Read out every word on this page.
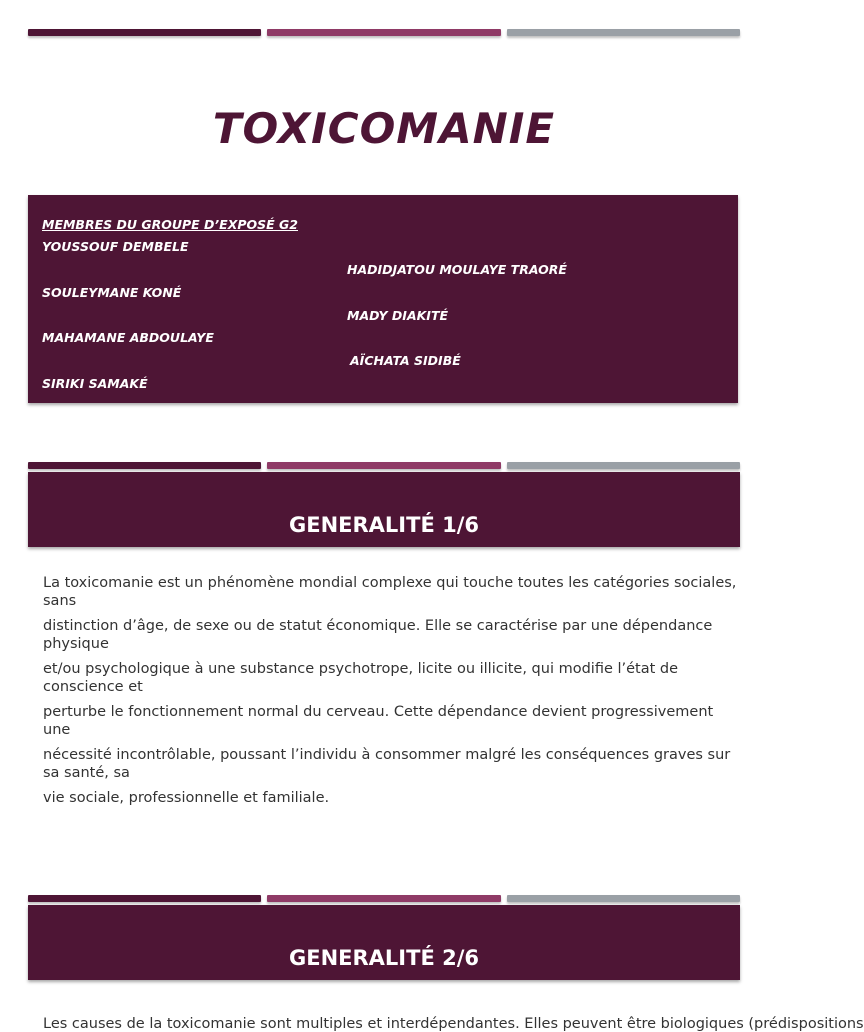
TOXICOMANIE
MEMBRES DU GROUPE D’EXPOSÉ G2
YOUSSOUF DEMBELE
HADIDJATOU MOULAYE TRAORÉ
SOULEYMANE KONÉ
MADY DIAKITÉ
MAHAMANE ABDOULAYE
AÏCHATA SIDIBÉ
SIRIKI SAMAKÉ
GENERALITÉ 1/6

La toxicomanie est un phénomène mondial complexe qui touche toutes les catégories sociales, sans

distinction d’âge, de sexe ou de statut économique. Elle se caractérise par une dépendance physique

et/ou psychologique à une substance psychotrope, licite ou illicite, qui modifie l’état de conscience et

perturbe le fonctionnement normal du cerveau. Cette dépendance devient progressivement une

nécessité incontrôlable, poussant l’individu à consommer malgré les conséquences graves sur sa santé, sa

vie sociale, professionnelle et familiale.

GENERALITÉ 2/6
Les causes de la toxicomanie sont multiples et interdépendantes. Elles peuvent être biologiques (prédispositions
